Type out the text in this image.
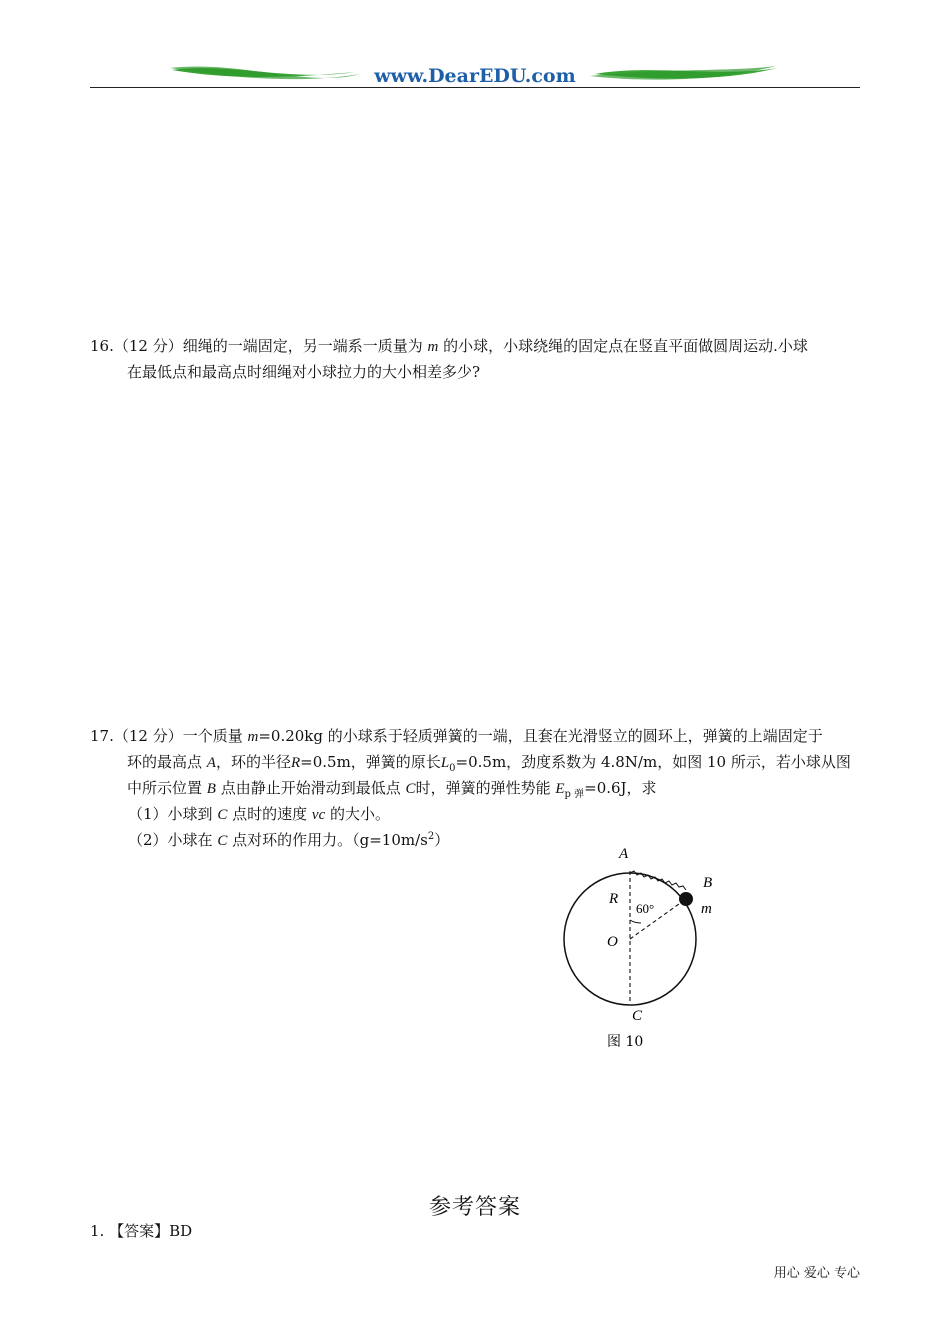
www.DearEDU.com
16.（12 分）细绳的一端固定，另一端系一质量为 m 的小球，小球绕绳的固定点在竖直平面做圆周运动.小球
在最低点和最高点时细绳对小球拉力的大小相差多少?
17.（12 分）一个质量 m=0.20kg 的小球系于轻质弹簧的一端，且套在光滑竖立的圆环上，弹簧的上端固定于
环的最高点 A，环的半径R=0.5m，弹簧的原长$L_0=0.5m$，劲度系数为 4.8N/m，如图 10 所示，若小球从图
中所示位置 B 点由静止开始滑动到最低点 C时，弹簧的弹性势能 $E_{p 弹}=0.6J$，求
（1）小球到 C 点时的速度 vc 的大小。
（2）小球在 C 点对环的作用力。$(g=10m/s^2)$
A
B
m
R
60°
O
C
图 10
参考答案
1. 【答案】BD
用心 爱心 专心
